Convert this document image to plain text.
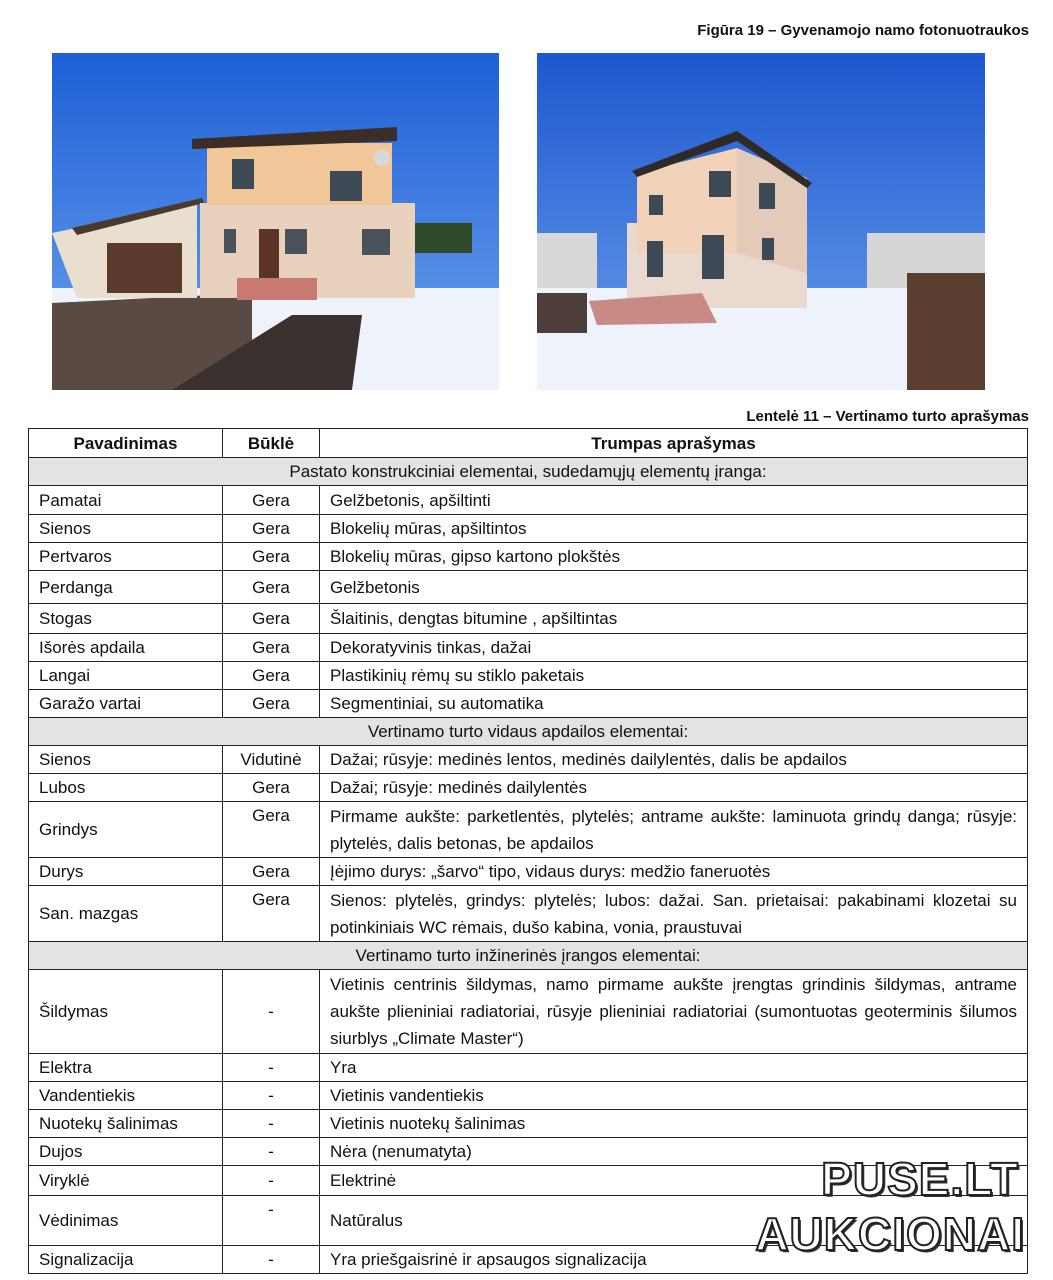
Figūra 19 – Gyvenamojo namo fotonuotraukos
Lentelė 11 – Vertinamo turto aprašymas
Pavadinimas	Būklė	Trumpas aprašymas
Pastato konstrukciniai elementai, sudedamųjų elementų įranga:		
Pamatai	Gera	Gelžbetonis, apšiltinti
Sienos	Gera	Blokelių mūras, apšiltintos
Pertvaros	Gera	Blokelių mūras, gipso kartono plokštės
Perdanga	Gera	Gelžbetonis
Stogas	Gera	Šlaitinis, dengtas bitumine , apšiltintas
Išorės apdaila	Gera	Dekoratyvinis tinkas, dažai
Langai	Gera	Plastikinių rėmų su stiklo paketais
Garažo vartai	Gera	Segmentiniai, su automatika
Vertinamo turto vidaus apdailos elementai:		
Sienos	Vidutinė	Dažai; rūsyje: medinės lentos, medinės dailylentės, dalis be apdailos
Lubos	Gera	Dažai; rūsyje: medinės dailylentės
Grindys	Gera	Pirmame aukšte: parketlentės, plytelės; antrame aukšte: laminuota grindų danga; rūsyje: plytelės, dalis betonas, be apdailos
Durys	Gera	Įėjimo durys: „šarvo“ tipo, vidaus durys: medžio faneruotės
San. mazgas	Gera	Sienos: plytelės, grindys: plytelės; lubos: dažai. San. prietaisai: pakabinami klozetai su potinkiniais WC rėmais, dušo kabina, vonia, praustuvai
Vertinamo turto inžinerinės įrangos elementai:		
Šildymas	-	Vietinis centrinis šildymas, namo pirmame aukšte įrengtas grindinis šildymas, antrame aukšte plieniniai radiatoriai, rūsyje plieniniai radiatoriai (sumontuotas geoterminis šilumos siurblys „Climate Master“)
Elektra	-	Yra
Vandentiekis	-	Vietinis vandentiekis
Nuotekų šalinimas	-	Vietinis nuotekų šalinimas
Dujos	-	Nėra (nenumatyta)
Viryklė	-	Elektrinė
Vėdinimas	-	Natūralus
Signalizacija	-	Yra priešgaisrinė ir apsaugos signalizacija
PUSE.LT
AUKCIONAI
